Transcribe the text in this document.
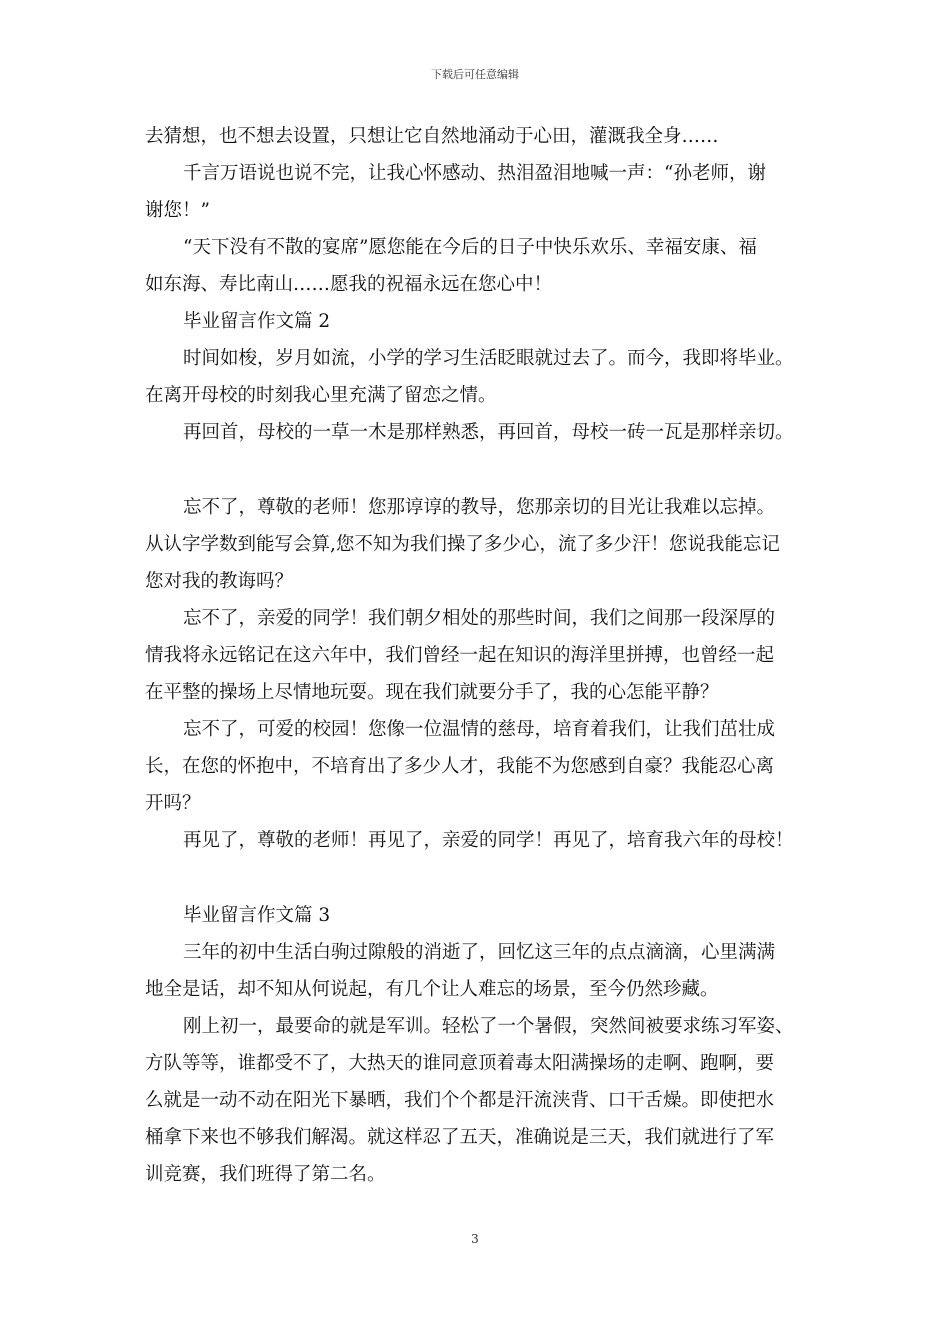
下载后可任意编辑
去猜想，也不想去设置，只想让它自然地涌动于心田，灌溉我全身……
千言万语说也说不完，让我心怀感动、热泪盈泪地喊一声：“孙老师，谢
谢您！”
“天下没有不散的宴席”愿您能在今后的日子中快乐欢乐、幸福安康、福
如东海、寿比南山……愿我的祝福永远在您心中！
毕业留言作文篇 2
时间如梭，岁月如流，小学的学习生活眨眼就过去了。而今，我即将毕业。
在离开母校的时刻我心里充满了留恋之情。
再回首，母校的一草一木是那样熟悉，再回首，母校一砖一瓦是那样亲切。
忘不了，尊敬的老师！您那谆谆的教导，您那亲切的目光让我难以忘掉。
从认字学数到能写会算,您不知为我们操了多少心，流了多少汗！您说我能忘记
您对我的教诲吗？
忘不了，亲爱的同学！我们朝夕相处的那些时间，我们之间那一段深厚的
情我将永远铭记在这六年中，我们曾经一起在知识的海洋里拼搏，也曾经一起
在平整的操场上尽情地玩耍。现在我们就要分手了，我的心怎能平静？
忘不了，可爱的校园！您像一位温情的慈母，培育着我们，让我们茁壮成
长，在您的怀抱中，不培育出了多少人才，我能不为您感到自豪？我能忍心离
开吗？
再见了，尊敬的老师！再见了，亲爱的同学！再见了，培育我六年的母校！
毕业留言作文篇 3
三年的初中生活白驹过隙般的消逝了，回忆这三年的点点滴滴，心里满满
地全是话，却不知从何说起，有几个让人难忘的场景，至今仍然珍藏。
刚上初一，最要命的就是军训。轻松了一个暑假，突然间被要求练习军姿、
方队等等，谁都受不了，大热天的谁同意顶着毒太阳满操场的走啊、跑啊，要
么就是一动不动在阳光下暴晒，我们个个都是汗流浃背、口干舌燥。即使把水
桶拿下来也不够我们解渴。就这样忍了五天，准确说是三天，我们就进行了军
训竞赛，我们班得了第二名。
3
